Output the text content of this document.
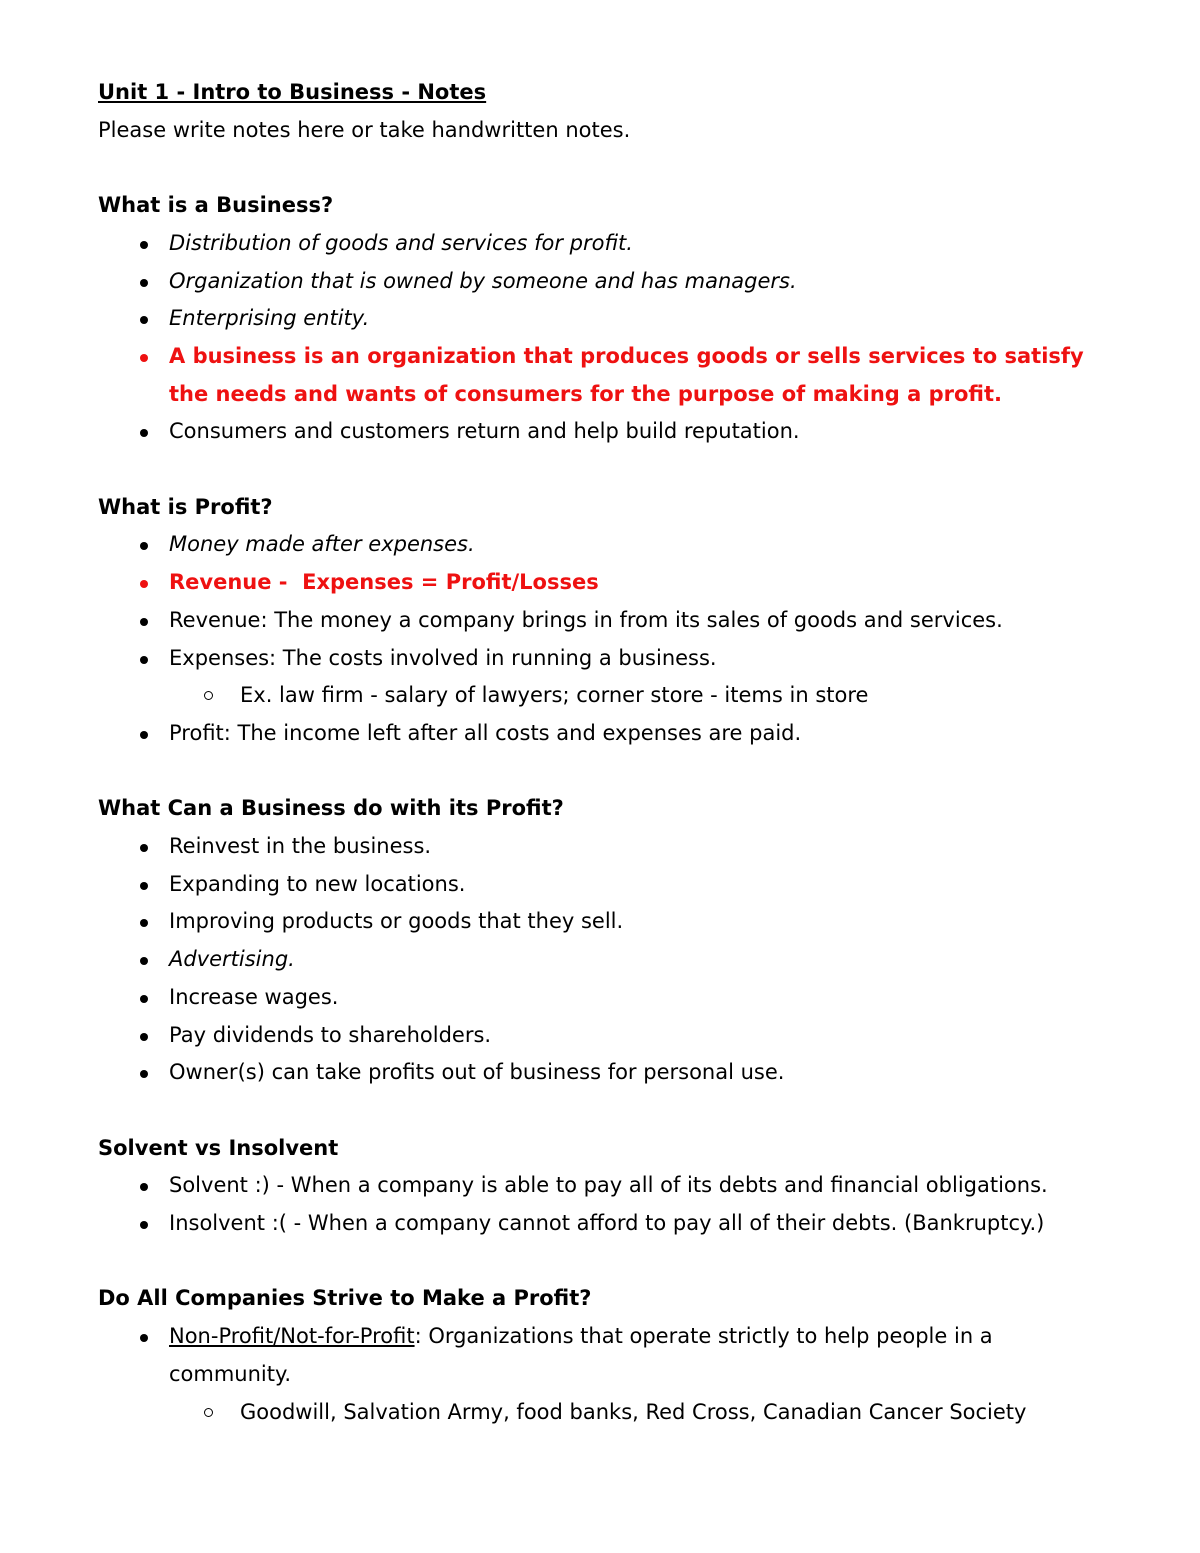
Unit 1 - Intro to Business - Notes
Please write notes here or take handwritten notes.
What is a Business?
Distribution of goods and services for profit.
Organization that is owned by someone and has managers.
Enterprising entity.
A business is an organization that produces goods or sells services to satisfy
the needs and wants of consumers for the purpose of making a profit.
Consumers and customers return and help build reputation.
What is Profit?
Money made after expenses.
Revenue -  Expenses = Profit/Losses
Revenue: The money a company brings in from its sales of goods and services.
Expenses: The costs involved in running a business.
Ex. law firm - salary of lawyers; corner store - items in store
Profit: The income left after all costs and expenses are paid.
What Can a Business do with its Profit?
Reinvest in the business.
Expanding to new locations.
Improving products or goods that they sell.
Advertising.
Increase wages.
Pay dividends to shareholders.
Owner(s) can take profits out of business for personal use.
Solvent vs Insolvent
Solvent :) - When a company is able to pay all of its debts and financial obligations.
Insolvent :( - When a company cannot afford to pay all of their debts. (Bankruptcy.)
Do All Companies Strive to Make a Profit?
Non-Profit/Not-for-Profit: Organizations that operate strictly to help people in a
community.
Goodwill, Salvation Army, food banks, Red Cross, Canadian Cancer Society
